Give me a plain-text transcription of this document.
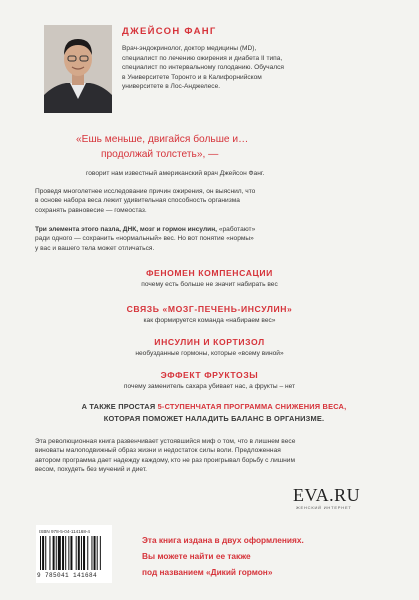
ДЖЕЙСОН ФАНГ
Врач-эндокринолог, доктор медицины (MD),
специалист по лечению ожирения и диабета II типа,
специалист по интервальному голоданию. Обучался
в Университете Торонто и в Калифорнийском
университете в Лос-Анджелесе.
«Ешь меньше, двигайся больше и…
продолжай толстеть», —
говорит нам известный американский врач Джейсон Фанг.
Проведя многолетнее исследование причин ожирения, он выяснил, что
в основе набора веса лежит удивительная способность организма
сохранять равновесие — гомеостаз.
Три элемента этого пазла, ДНК, мозг и гормон инсулин, «работают»
ради одного — сохранить «нормальный» вес. Но вот понятие «нормы»
у вас и вашего тела может отличаться.
ФЕНОМЕН КОМПЕНСАЦИИ
почему есть больше не значит набирать вес
СВЯЗЬ «МОЗГ-ПЕЧЕНЬ-ИНСУЛИН»
как формируется команда «набираем вес»
ИНСУЛИН И КОРТИЗОЛ
необузданные гормоны, которые «всему виной»
ЭФФЕКТ ФРУКТОЗЫ
почему заменитель сахара убивает нас, а фрукты – нет
А ТАКЖЕ ПРОСТАЯ 5-СТУПЕНЧАТАЯ ПРОГРАММА СНИЖЕНИЯ ВЕСА,
КОТОРАЯ ПОМОЖЕТ НАЛАДИТЬ БАЛАНС В ОРГАНИЗМЕ.
Эта революционная книга развенчивает устоявшийся миф о том, что в лишнем весе
виноваты малоподвижный образ жизни и недостаток силы воли. Предложенная
автором программа дает надежду каждому, кто не раз проигрывал борьбу с лишним
весом, похудеть без мучений и диет.
EVA.RU
ЖЕНСКИЙ ИНТЕРНЕТ
ISBN 978-5-04-114168-4
9 785041 141684
Эта книга издана в двух оформлениях.
Вы можете найти ее также
под названием «Дикий гормон»
